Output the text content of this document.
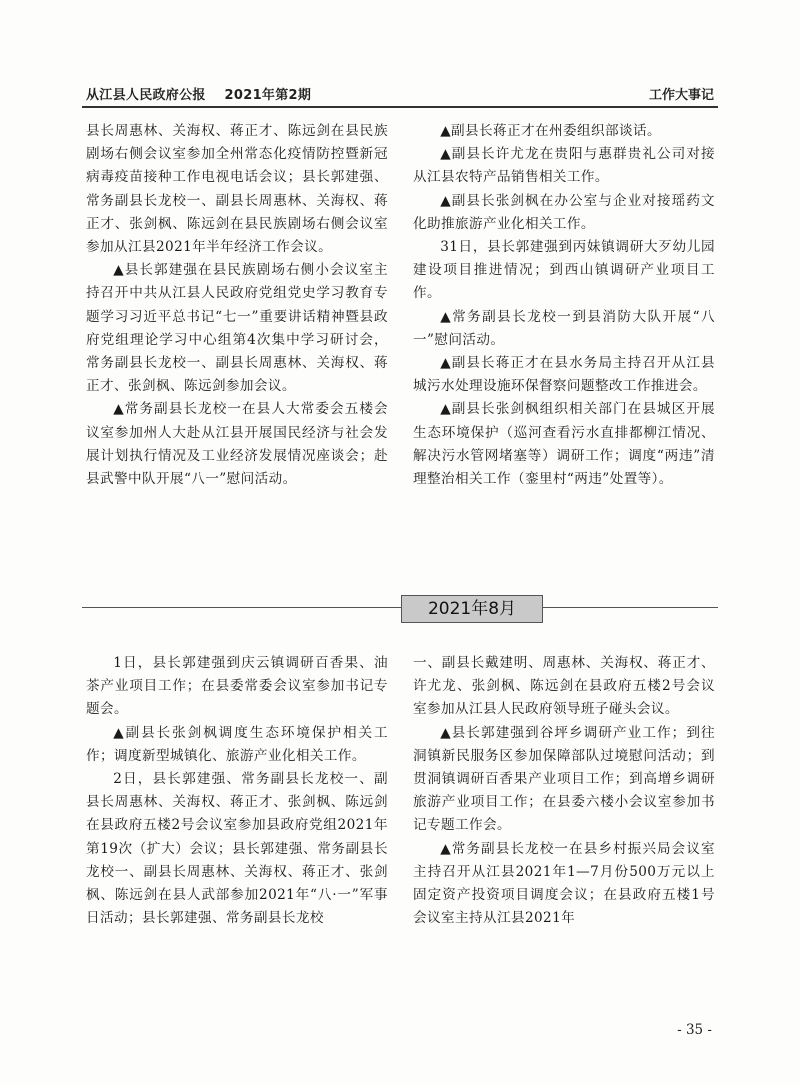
从江县人民政府公报 2021年第2期	工作大事记

县长周惠林、关海权、蒋正才、陈远剑在县民族剧场右侧会议室参加全州常态化疫情防控暨新冠病毒疫苗接种工作电视电话会议；县长郭建强、常务副县长龙校一、副县长周惠林、关海权、蒋正才、张剑枫、陈远剑在县民族剧场右侧会议室参加从江县2021年半年经济工作会议。

▲县长郭建强在县民族剧场右侧小会议室主持召开中共从江县人民政府党组党史学习教育专题学习习近平总书记“七一”重要讲话精神暨县政府党组理论学习中心组第4次集中学习研讨会，常务副县长龙校一、副县长周惠林、关海权、蒋正才、张剑枫、陈远剑参加会议。

▲常务副县长龙校一在县人大常委会五楼会议室参加州人大赴从江县开展国民经济与社会发展计划执行情况及工业经济发展情况座谈会；赴县武警中队开展“八一”慰问活动。

▲副县长蒋正才在州委组织部谈话。

▲副县长许尤龙在贵阳与惠群贵礼公司对接从江县农特产品销售相关工作。

▲副县长张剑枫在办公室与企业对接瑶药文化助推旅游产业化相关工作。

31日，县长郭建强到丙妹镇调研大歹幼儿园建设项目推进情况；到西山镇调研产业项目工作。

▲常务副县长龙校一到县消防大队开展“八一”慰问活动。

▲副县长蒋正才在县水务局主持召开从江县城污水处理设施环保督察问题整改工作推进会。

▲副县长张剑枫组织相关部门在县城区开展生态环境保护（巡河查看污水直排都柳江情况、解决污水管网堵塞等）调研工作；调度“两违”清理整治相关工作（銮里村“两违”处置等）。

2021年8月

1日，县长郭建强到庆云镇调研百香果、油茶产业项目工作；在县委常委会议室参加书记专题会。

▲副县长张剑枫调度生态环境保护相关工作；调度新型城镇化、旅游产业化相关工作。

2日，县长郭建强、常务副县长龙校一、副县长周惠林、关海权、蒋正才、张剑枫、陈远剑在县政府五楼2号会议室参加县政府党组2021年第19次（扩大）会议；县长郭建强、常务副县长龙校一、副县长周惠林、关海权、蒋正才、张剑枫、陈远剑在县人武部参加2021年“八·一”军事日活动；县长郭建强、常务副县长龙校

一、副县长戴建明、周惠林、关海权、蒋正才、许尤龙、张剑枫、陈远剑在县政府五楼2号会议室参加从江县人民政府领导班子碰头会议。

▲县长郭建强到谷坪乡调研产业工作；到往洞镇新民服务区参加保障部队过境慰问活动；到贯洞镇调研百香果产业项目工作；到高增乡调研旅游产业项目工作；在县委六楼小会议室参加书记专题工作会。

▲常务副县长龙校一在县乡村振兴局会议室主持召开从江县2021年1—7月份500万元以上固定资产投资项目调度会议；在县政府五楼1号会议室主持从江县2021年

- 35 -
